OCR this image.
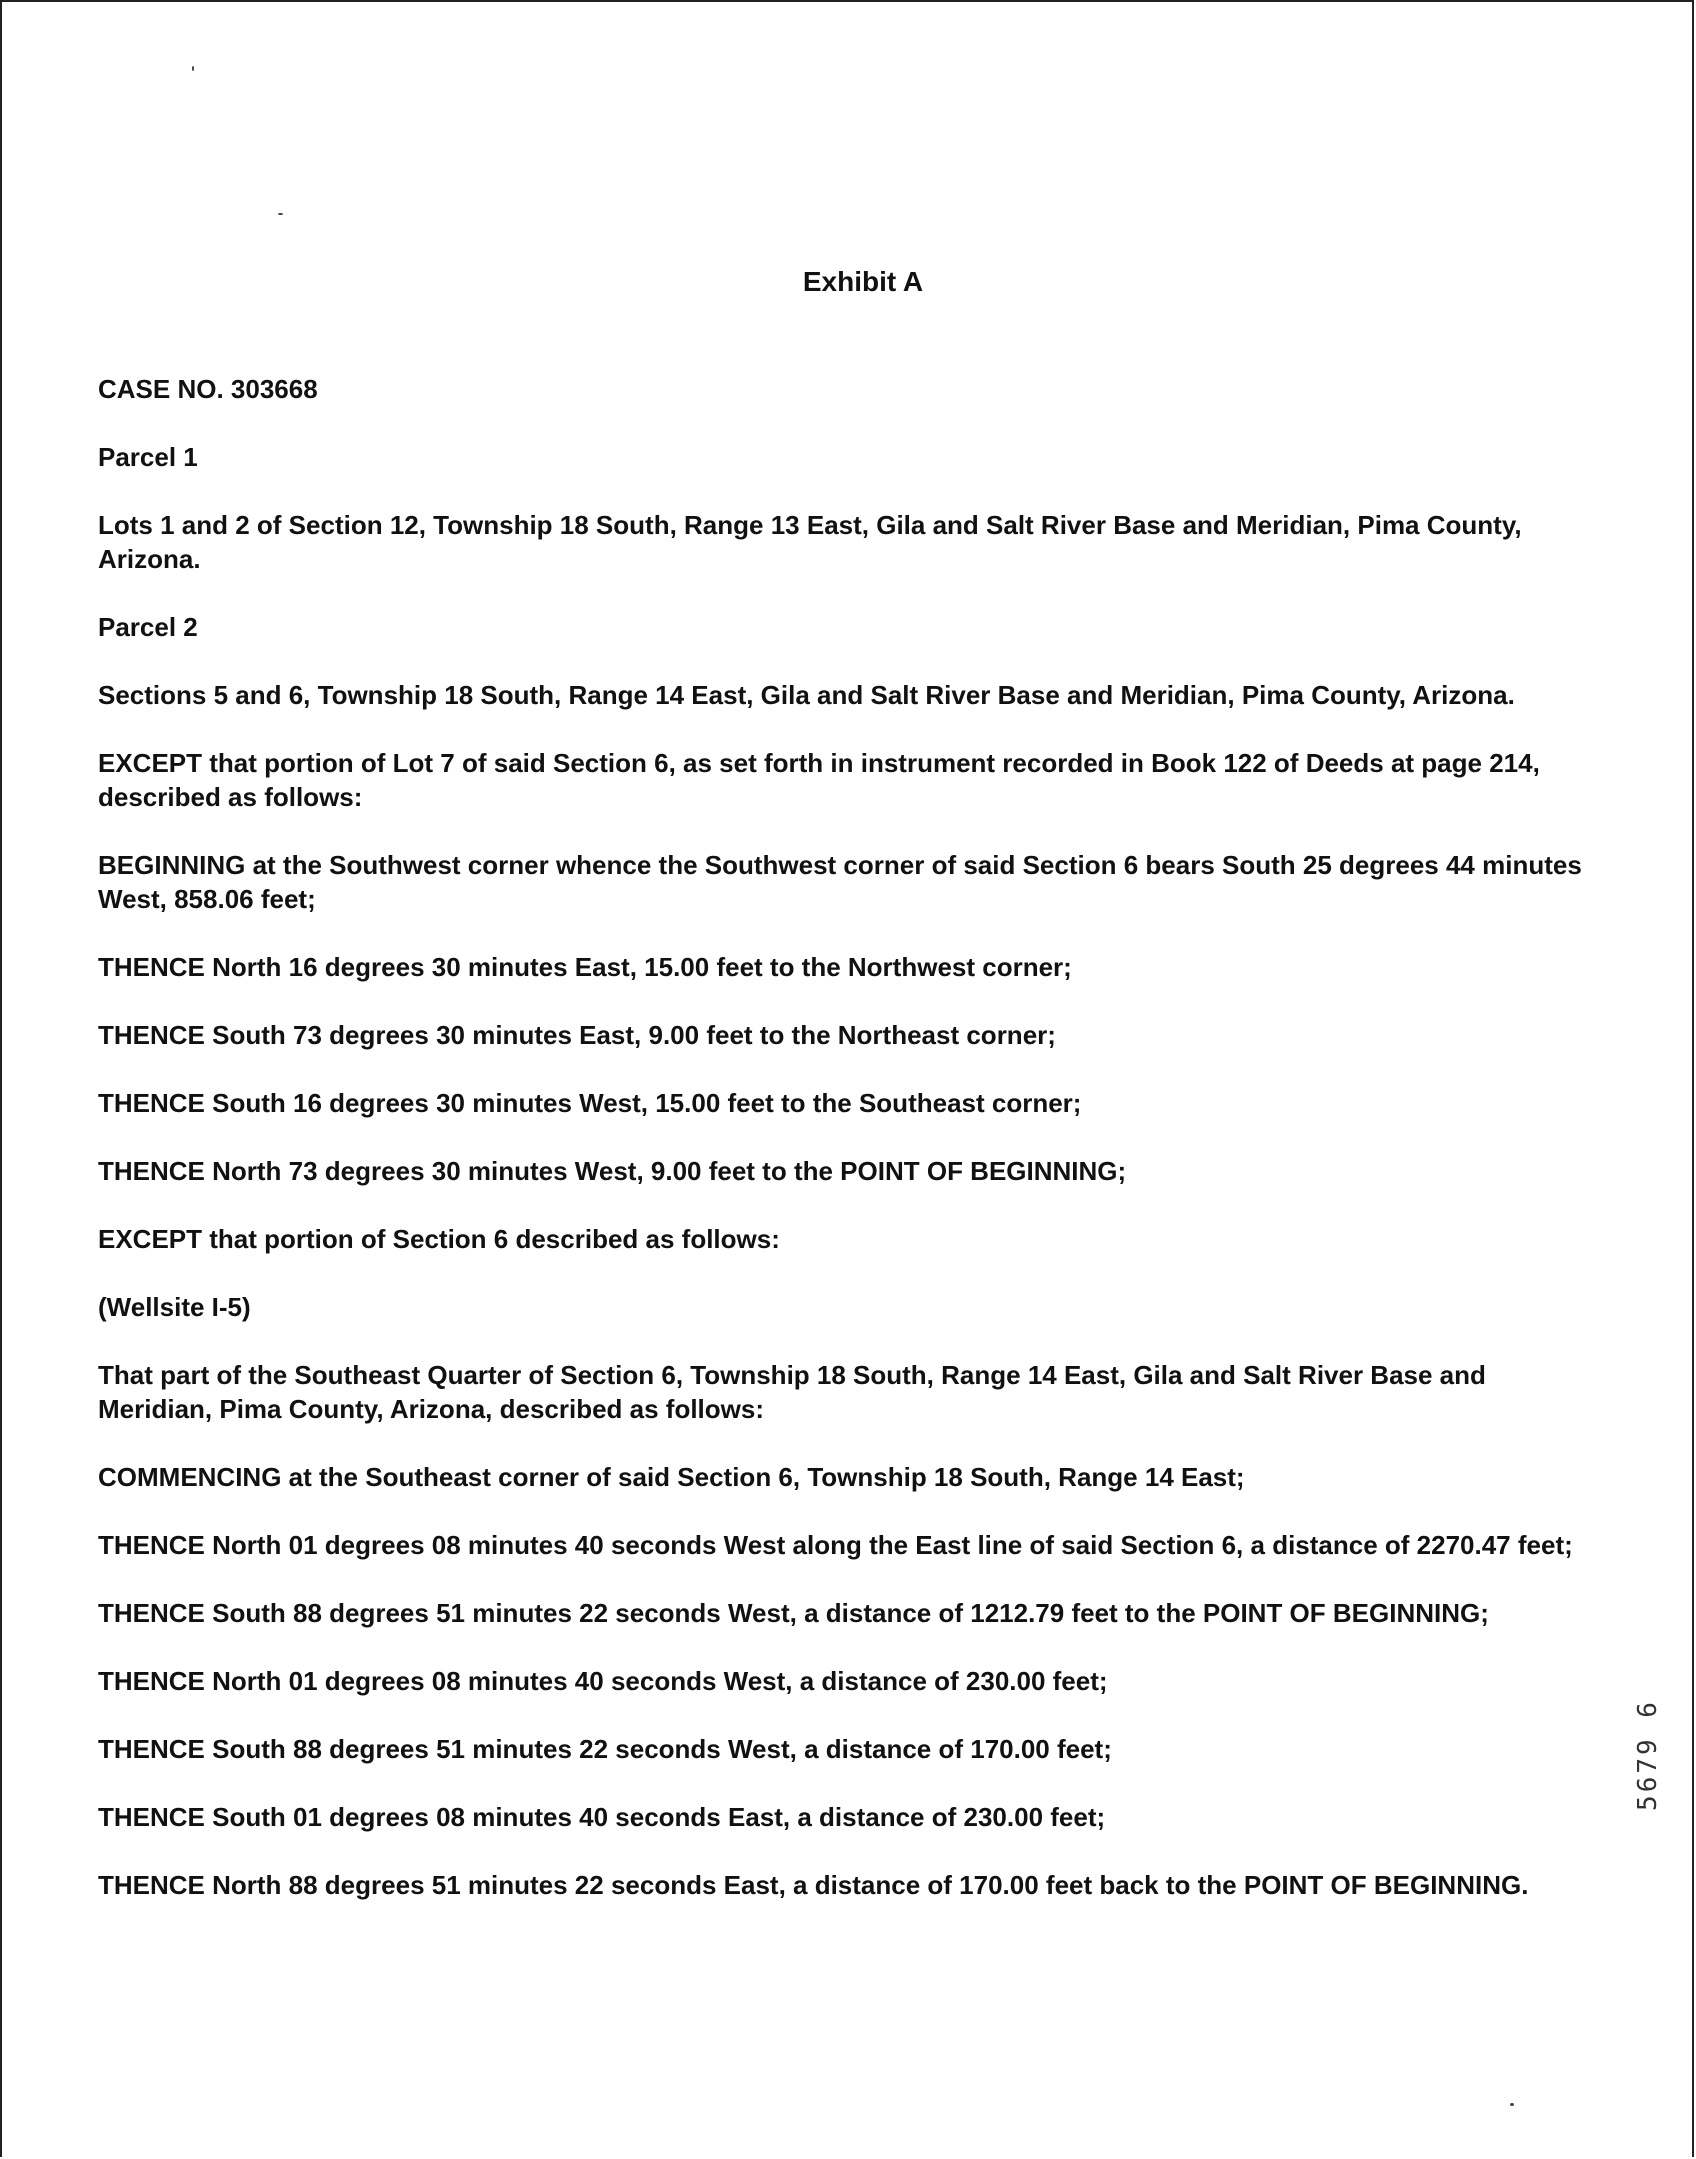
Exhibit A

CASE NO. 303668

Parcel 1

Lots 1 and 2 of Section 12, Township 18 South, Range 13 East, Gila and Salt River Base and Meridian, Pima County, Arizona.

Parcel 2

Sections 5 and 6, Township 18 South, Range 14 East, Gila and Salt River Base and Meridian, Pima County, Arizona.

EXCEPT that portion of Lot 7 of said Section 6, as set forth in instrument recorded in Book 122 of Deeds at page 214, described as follows:

BEGINNING at the Southwest corner whence the Southwest corner of said Section 6 bears South 25 degrees 44 minutes West, 858.06 feet;

THENCE North 16 degrees 30 minutes East, 15.00 feet to the Northwest corner;

THENCE South 73 degrees 30 minutes East, 9.00 feet to the Northeast corner;

THENCE South 16 degrees 30 minutes West, 15.00 feet to the Southeast corner;

THENCE North 73 degrees 30 minutes West, 9.00 feet to the POINT OF BEGINNING;

EXCEPT that portion of Section 6 described as follows:

(Wellsite I-5)

That part of the Southeast Quarter of Section 6, Township 18 South, Range 14 East, Gila and Salt River Base and Meridian, Pima County, Arizona, described as follows:

COMMENCING at the Southeast corner of said Section 6, Township 18 South, Range 14 East;

THENCE North 01 degrees 08 minutes 40 seconds West along the East line of said Section 6, a distance of 2270.47 feet;

THENCE South 88 degrees 51 minutes 22 seconds West, a distance of 1212.79 feet to the POINT OF BEGINNING;

THENCE North 01 degrees 08 minutes 40 seconds West, a distance of 230.00 feet;

THENCE South 88 degrees 51 minutes 22 seconds West, a distance of 170.00 feet;

THENCE South 01 degrees 08 minutes 40 seconds East, a distance of 230.00 feet;

THENCE North 88 degrees 51 minutes 22 seconds East, a distance of 170.00 feet back to the POINT OF BEGINNING.

5679 6
